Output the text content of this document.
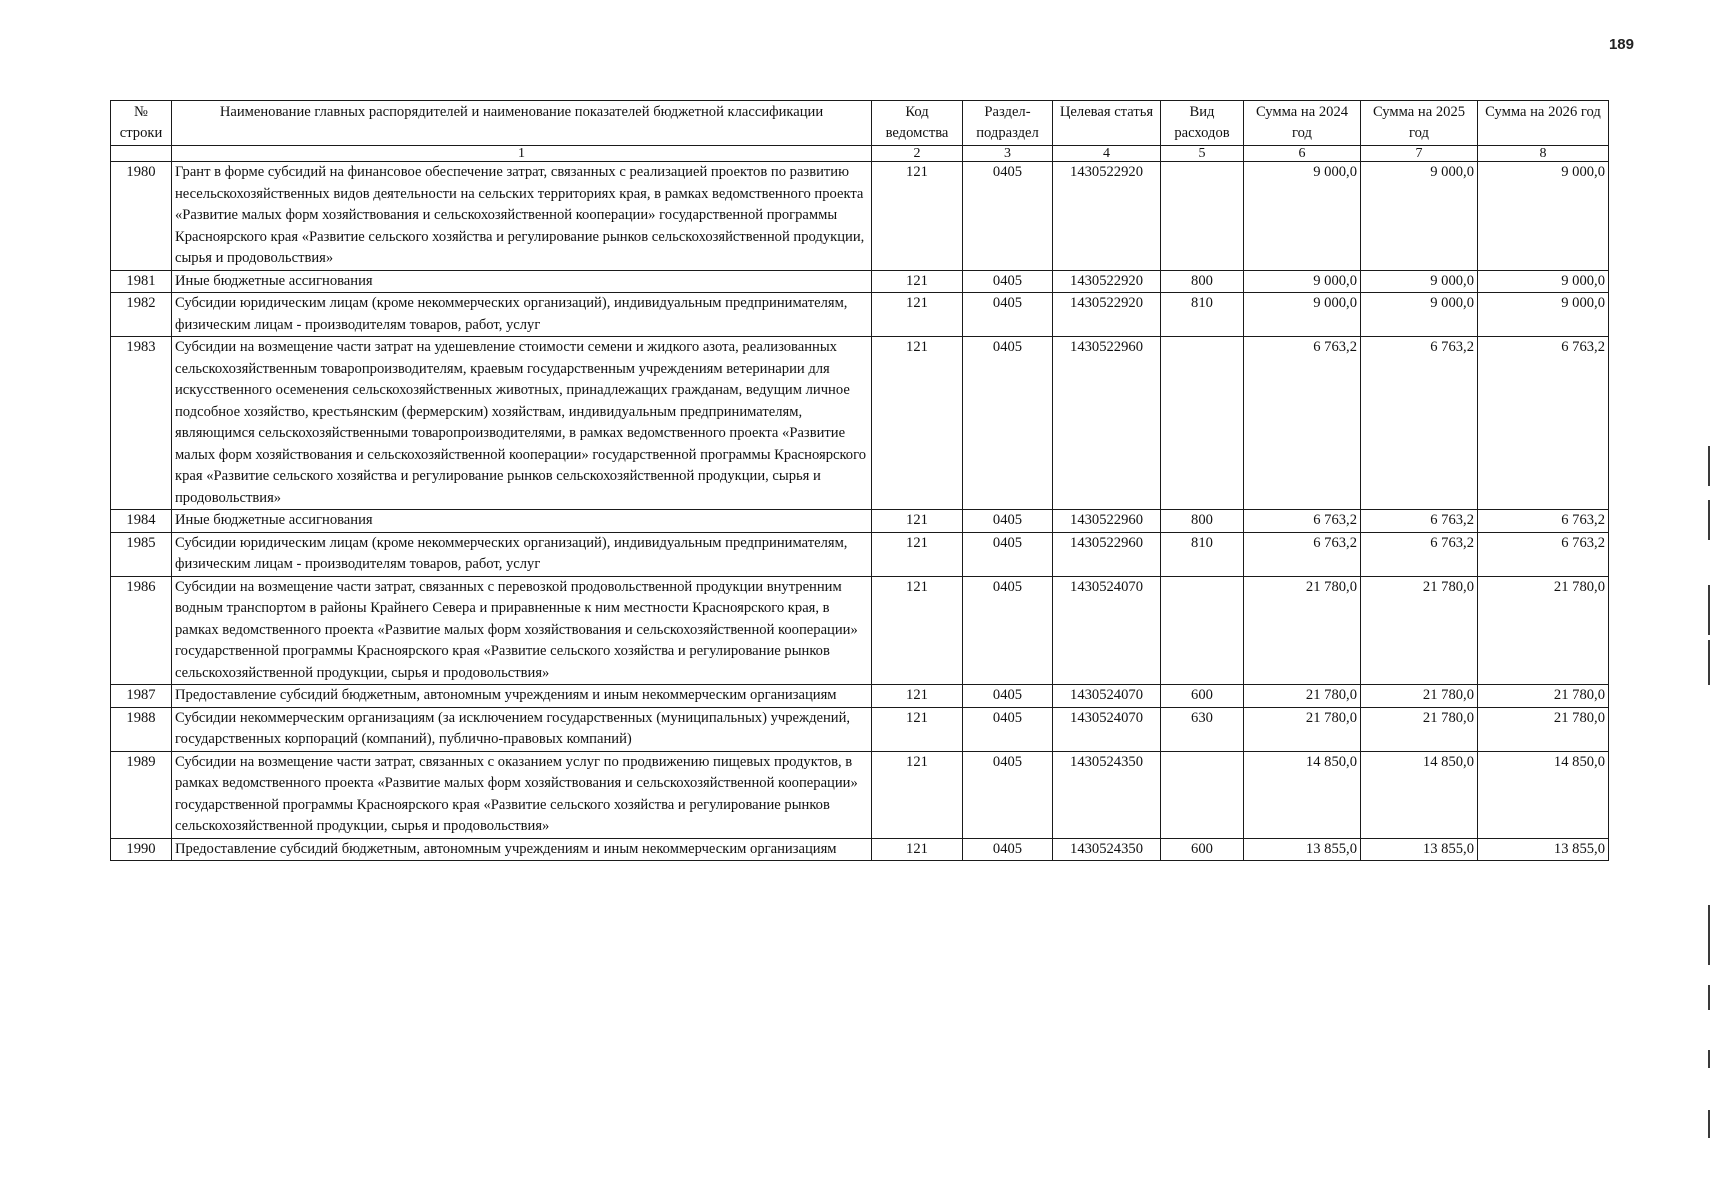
189
№ строки	Наименование главных распорядителей и наименование показателей бюджетной классификации	Код ведомства	Раздел-подраздел	Целевая статья	Вид расходов	Сумма на 2024 год	Сумма на 2025 год	Сумма на 2026 год
	1	2	3	4	5	6	7	8
1980	Грант в форме субсидий на финансовое обеспечение затрат, связанных с реализацией проектов по развитию несельскохозяйственных видов деятельности на сельских территориях края, в рамках ведомственного проекта «Развитие малых форм хозяйствования и сельскохозяйственной кооперации» государственной программы Красноярского края «Развитие сельского хозяйства и регулирование рынков сельскохозяйственной продукции, сырья и продовольствия»	121	0405	1430522920		9 000,0	9 000,0	9 000,0
1981	Иные бюджетные ассигнования	121	0405	1430522920	800	9 000,0	9 000,0	9 000,0
1982	Субсидии юридическим лицам (кроме некоммерческих организаций), индивидуальным предпринимателям, физическим лицам - производителям товаров, работ, услуг	121	0405	1430522920	810	9 000,0	9 000,0	9 000,0
1983	Субсидии на возмещение части затрат на удешевление стоимости семени и жидкого азота, реализованных сельскохозяйственным товаропроизводителям, краевым государственным учреждениям ветеринарии для искусственного осеменения сельскохозяйственных животных, принадлежащих гражданам, ведущим личное подсобное хозяйство, крестьянским (фермерским) хозяйствам, индивидуальным предпринимателям, являющимся сельскохозяйственными товаропроизводителями, в рамках ведомственного проекта «Развитие малых форм хозяйствования и сельскохозяйственной кооперации» государственной программы Красноярского края «Развитие сельского хозяйства и регулирование рынков сельскохозяйственной продукции, сырья и продовольствия»	121	0405	1430522960		6 763,2	6 763,2	6 763,2
1984	Иные бюджетные ассигнования	121	0405	1430522960	800	6 763,2	6 763,2	6 763,2
1985	Субсидии юридическим лицам (кроме некоммерческих организаций), индивидуальным предпринимателям, физическим лицам - производителям товаров, работ, услуг	121	0405	1430522960	810	6 763,2	6 763,2	6 763,2
1986	Субсидии на возмещение части затрат, связанных с перевозкой продовольственной продукции внутренним водным транспортом в районы Крайнего Севера и приравненные к ним местности Красноярского края, в рамках ведомственного проекта «Развитие малых форм хозяйствования и сельскохозяйственной кооперации» государственной программы Красноярского края «Развитие сельского хозяйства и регулирование рынков сельскохозяйственной продукции, сырья и продовольствия»	121	0405	1430524070		21 780,0	21 780,0	21 780,0
1987	Предоставление субсидий бюджетным, автономным учреждениям и иным некоммерческим организациям	121	0405	1430524070	600	21 780,0	21 780,0	21 780,0
1988	Субсидии некоммерческим организациям (за исключением государственных (муниципальных) учреждений, государственных корпораций (компаний), публично-правовых компаний)	121	0405	1430524070	630	21 780,0	21 780,0	21 780,0
1989	Субсидии на возмещение части затрат, связанных с оказанием услуг по продвижению пищевых продуктов, в рамках ведомственного проекта «Развитие малых форм хозяйствования и сельскохозяйственной кооперации» государственной программы Красноярского края «Развитие сельского хозяйства и регулирование рынков сельскохозяйственной продукции, сырья и продовольствия»	121	0405	1430524350		14 850,0	14 850,0	14 850,0
1990	Предоставление субсидий бюджетным, автономным учреждениям и иным некоммерческим организациям	121	0405	1430524350	600	13 855,0	13 855,0	13 855,0
